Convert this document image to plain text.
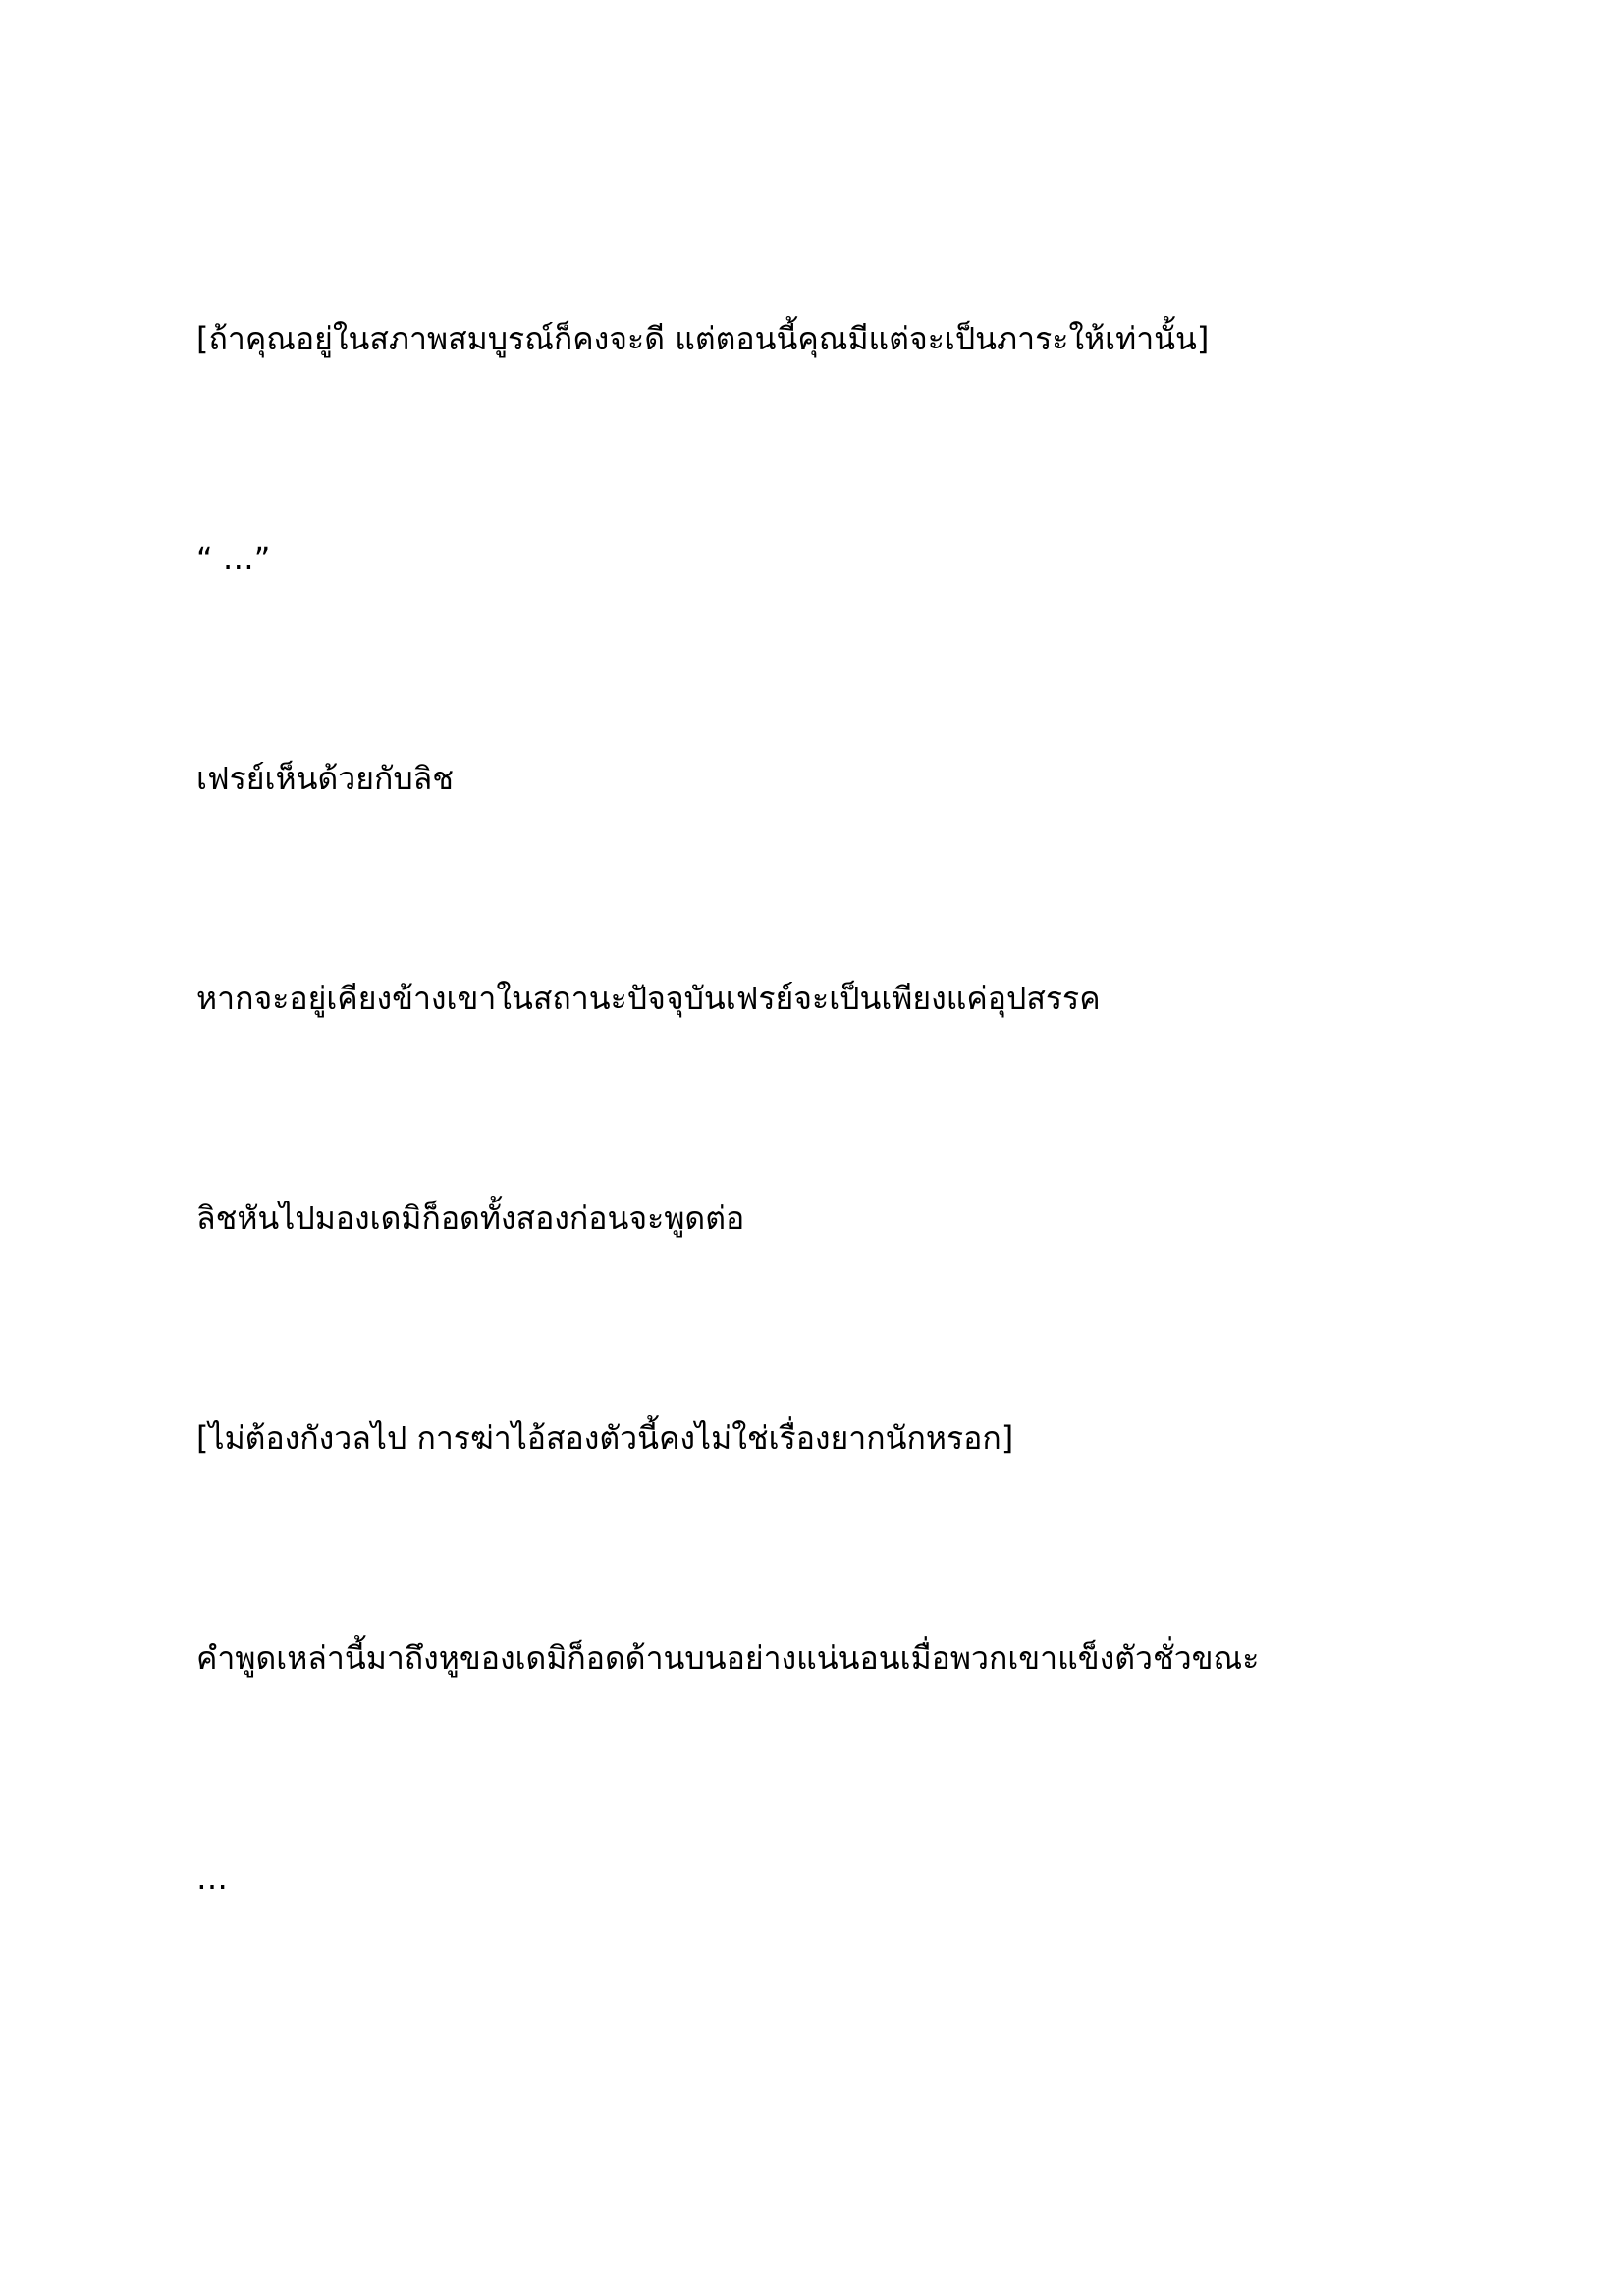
[ถ้าคุณอยู่ในสภาพสมบูรณ์ก็คงจะดี แต่ตอนนี้คุณมีแต่จะเป็นภาระให้เท่านั้น]

“ …”

เฟรย์เห็นด้วยกับลิช

หากจะอยู่เคียงข้างเขาในสถานะปัจจุบันเฟรย์จะเป็นเพียงแค่อุปสรรค

ลิชหันไปมองเดมิก็อดทั้งสองก่อนจะพูดต่อ

[ไม่ต้องกังวลไป การฆ่าไอ้สองตัวนี้คงไม่ใช่เรื่องยากนักหรอก]

คำพูดเหล่านี้มาถึงหูของเดมิก็อดด้านบนอย่างแน่นอนเมื่อพวกเขาแข็งตัวชั่วขณะ

…
